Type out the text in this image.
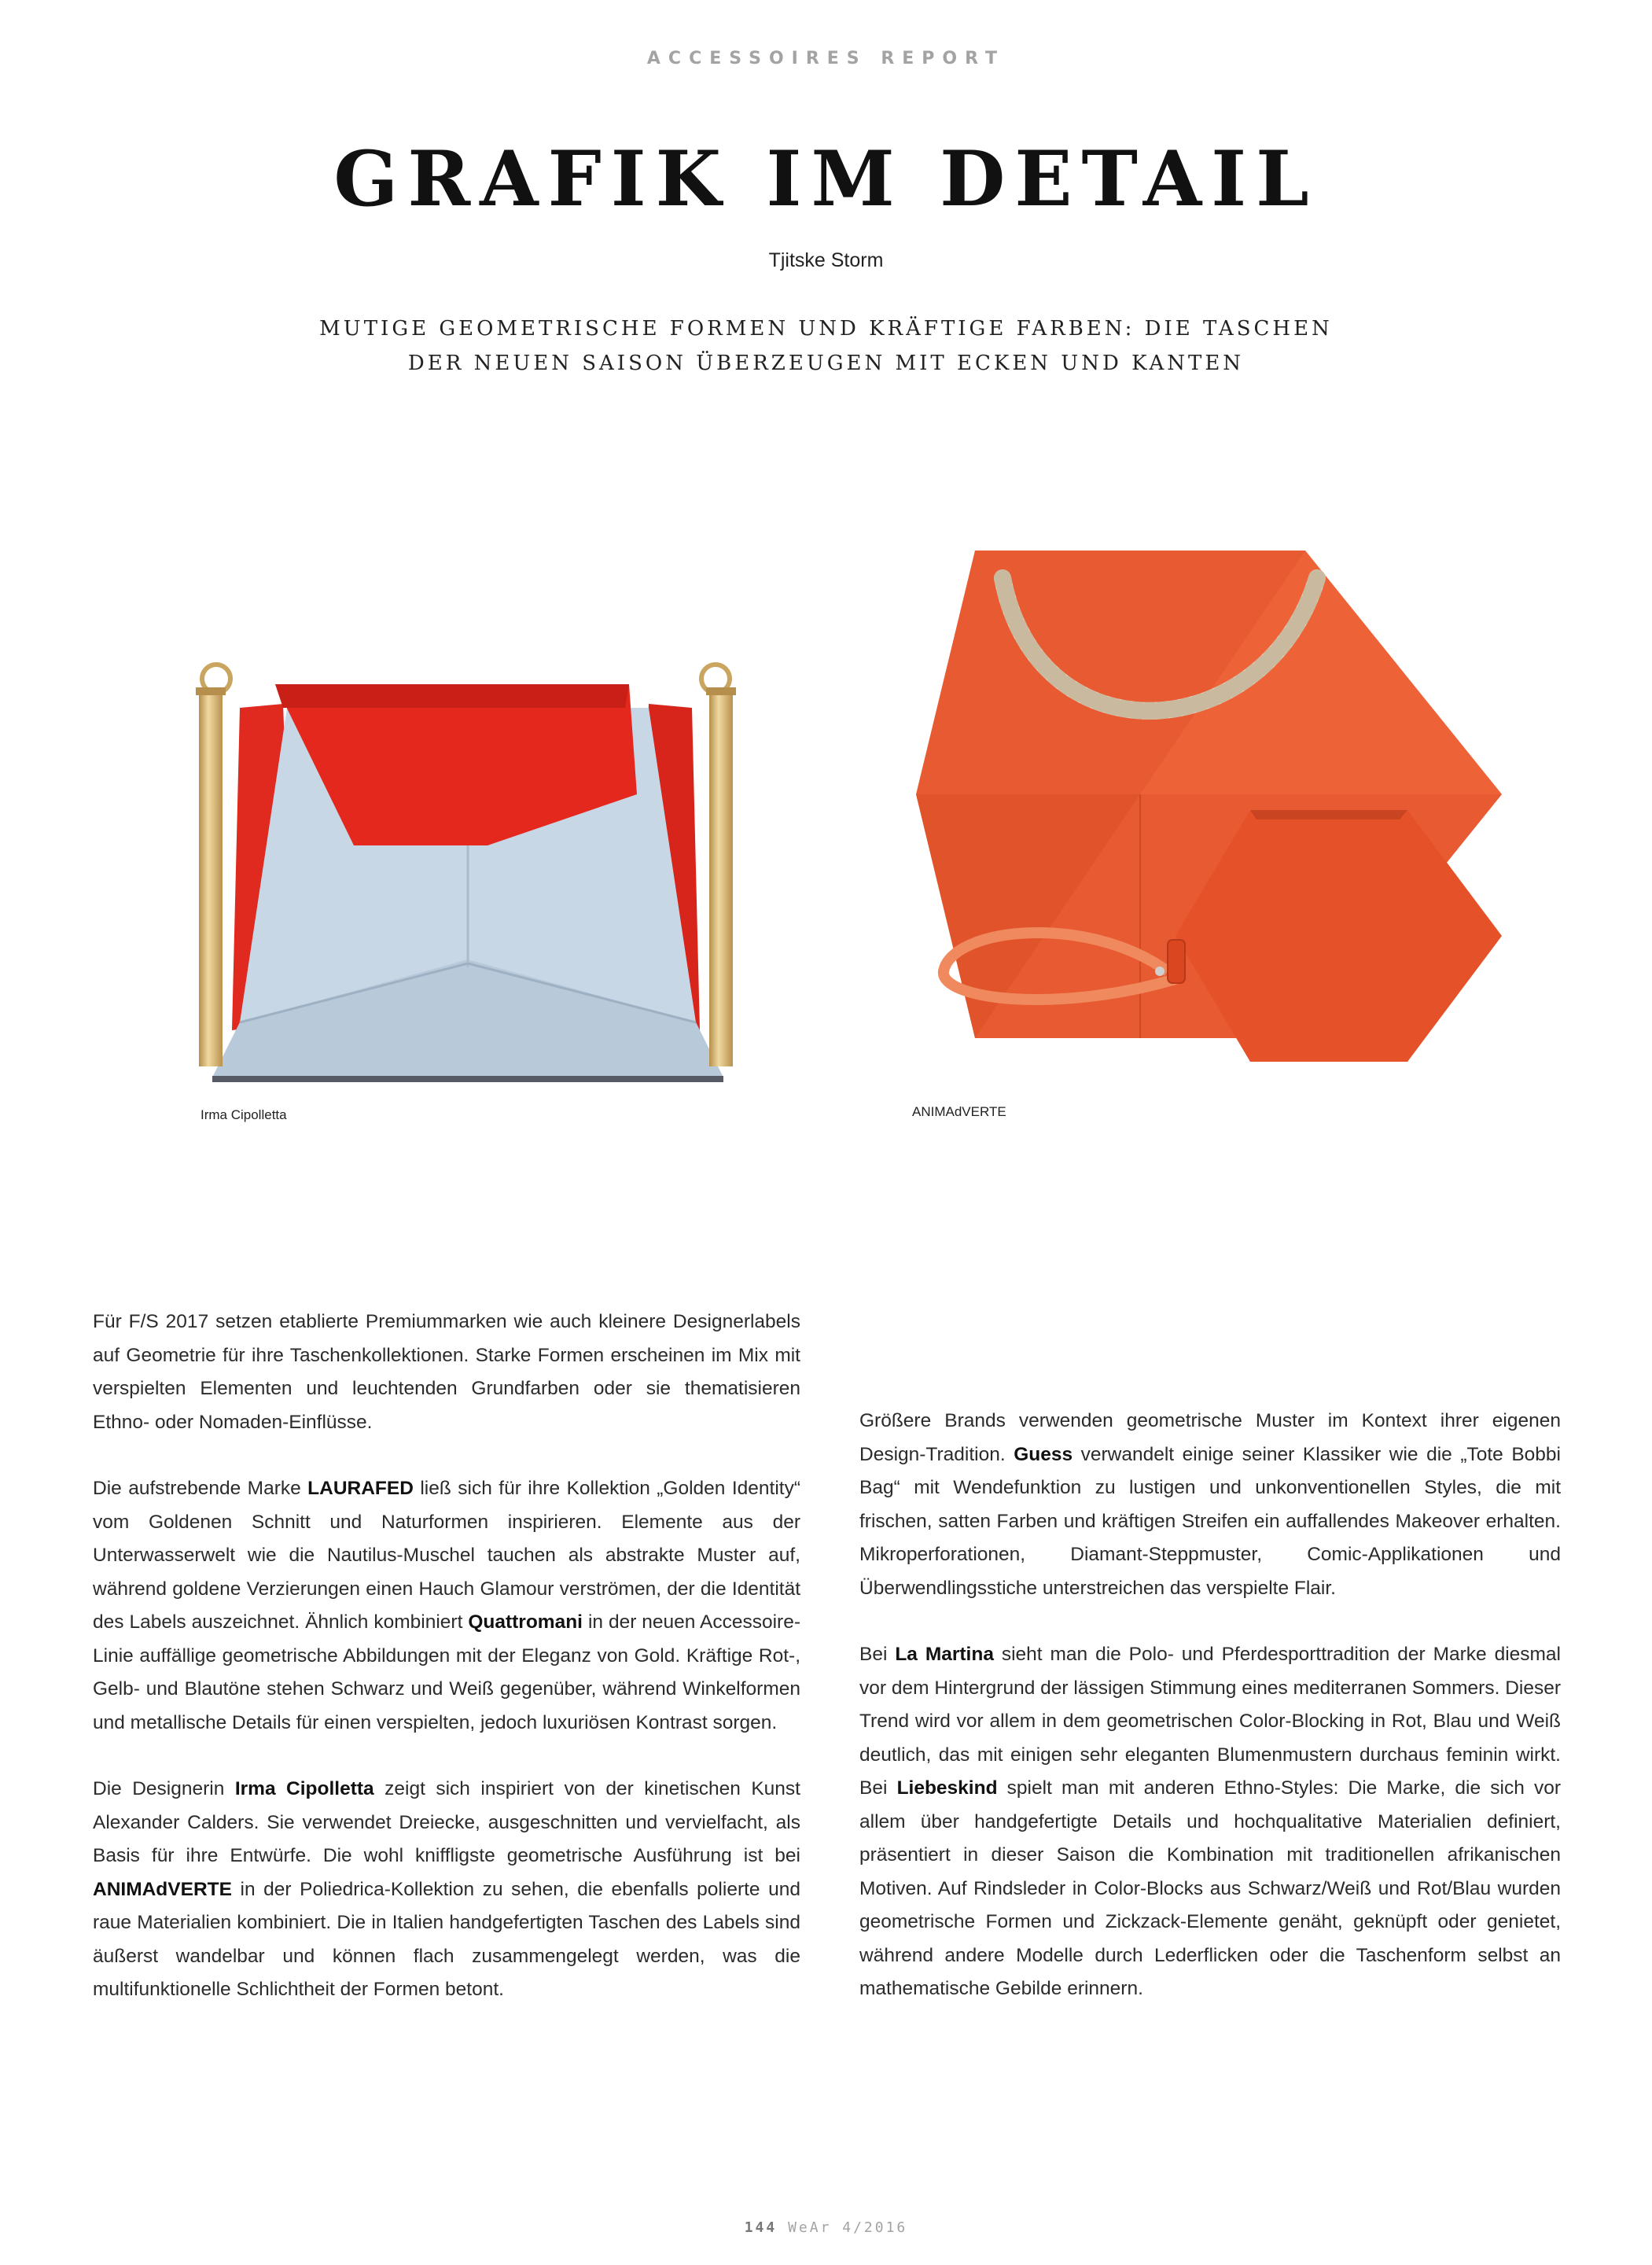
ACCESSOIRES REPORT
GRAFIK IM DETAIL
Tjitske Storm
MUTIGE GEOMETRISCHE FORMEN UND KRÄFTIGE FARBEN: DIE TASCHEN
DER NEUEN SAISON ÜBERZEUGEN MIT ECKEN UND KANTEN
Irma Cipolletta	ANIMAdVERTE

Für F/S 2017 setzen etablierte Premiummarken wie auch kleinere Designerlabels auf Geometrie für ihre Taschenkollektionen. Starke Formen erscheinen im Mix mit verspielten Elementen und leuchtenden Grundfarben oder sie thematisieren Ethno- oder Nomaden-Einflüsse.

Die aufstrebende Marke LAURAFED ließ sich für ihre Kollektion „Golden Identity“ vom Goldenen Schnitt und Naturformen inspirieren. Elemente aus der Unterwasserwelt wie die Nautilus-Muschel tauchen als abstrakte Muster auf, während goldene Verzierungen einen Hauch Glamour verströmen, der die Identität des Labels auszeichnet. Ähnlich kombiniert Quattromani in der neuen Accessoire-Linie auffällige geometrische Abbildungen mit der Eleganz von Gold. Kräftige Rot-, Gelb- und Blautöne stehen Schwarz und Weiß gegenüber, während Winkelformen und metallische Details für einen verspielten, jedoch luxuriösen Kontrast sorgen.

Die Designerin Irma Cipolletta zeigt sich inspiriert von der kinetischen Kunst Alexander Calders. Sie verwendet Dreiecke, ausgeschnitten und vervielfacht, als Basis für ihre Entwürfe. Die wohl kniffligste geometrische Ausführung ist bei ANIMAdVERTE in der Poliedrica-Kollektion zu sehen, die ebenfalls polierte und raue Materialien kombiniert. Die in Italien handgefertigten Taschen des Labels sind äußerst wandelbar und können flach zusammengelegt werden, was die multifunktionelle Schlichtheit der Formen betont.

Größere Brands verwenden geometrische Muster im Kontext ihrer eigenen Design-Tradition. Guess verwandelt einige seiner Klassiker wie die „Tote Bobbi Bag“ mit Wendefunktion zu lustigen und unkonventionellen Styles, die mit frischen, satten Farben und kräftigen Streifen ein auffallendes Makeover erhalten. Mikroperforationen, Diamant-Steppmuster, Comic-Applikationen und Überwendlingsstiche unterstreichen das verspielte Flair.

Bei La Martina sieht man die Polo- und Pferdesporttradition der Marke diesmal vor dem Hintergrund der lässigen Stimmung eines mediterranen Sommers. Dieser Trend wird vor allem in dem geometrischen Color-Blocking in Rot, Blau und Weiß deutlich, das mit einigen sehr eleganten Blumenmustern durchaus feminin wirkt. Bei Liebeskind spielt man mit anderen Ethno-Styles: Die Marke, die sich vor allem über handgefertigte Details und hochqualitative Materialien definiert, präsentiert in dieser Saison die Kombination mit traditionellen afrikanischen Motiven. Auf Rindsleder in Color-Blocks aus Schwarz/Weiß und Rot/Blau wurden geometrische Formen und Zickzack-Elemente genäht, geknüpft oder genietet, während andere Modelle durch Lederflicken oder die Taschenform selbst an mathematische Gebilde erinnern.

144 WeAr 4/2016
